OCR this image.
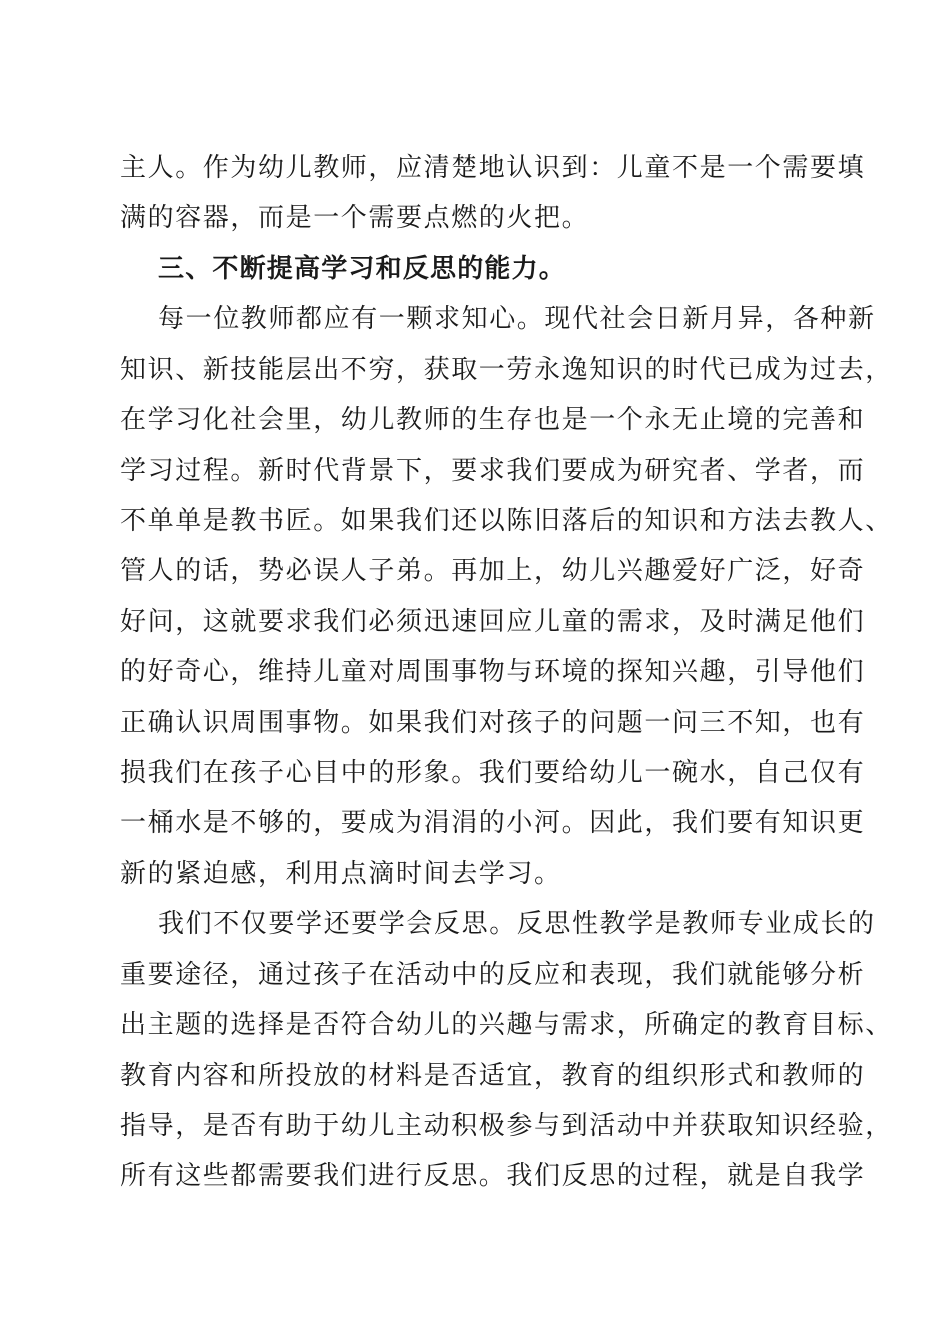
主人。作为幼儿教师，应清楚地认识到：儿童不是一个需要填
满的容器，而是一个需要点燃的火把。
三、不断提高学习和反思的能力。
每一位教师都应有一颗求知心。现代社会日新月异，各种新
知识、新技能层出不穷，获取一劳永逸知识的时代已成为过去，
在学习化社会里，幼儿教师的生存也是一个永无止境的完善和
学习过程。新时代背景下，要求我们要成为研究者、学者，而
不单单是教书匠。如果我们还以陈旧落后的知识和方法去教人、
管人的话，势必误人子弟。再加上，幼儿兴趣爱好广泛，好奇
好问，这就要求我们必须迅速回应儿童的需求，及时满足他们
的好奇心，维持儿童对周围事物与环境的探知兴趣，引导他们
正确认识周围事物。如果我们对孩子的问题一问三不知，也有
损我们在孩子心目中的形象。我们要给幼儿一碗水，自己仅有
一桶水是不够的，要成为涓涓的小河。因此，我们要有知识更
新的紧迫感，利用点滴时间去学习。
我们不仅要学还要学会反思。反思性教学是教师专业成长的
重要途径，通过孩子在活动中的反应和表现，我们就能够分析
出主题的选择是否符合幼儿的兴趣与需求，所确定的教育目标、
教育内容和所投放的材料是否适宜，教育的组织形式和教师的
指导，是否有助于幼儿主动积极参与到活动中并获取知识经验，
所有这些都需要我们进行反思。我们反思的过程，就是自我学
